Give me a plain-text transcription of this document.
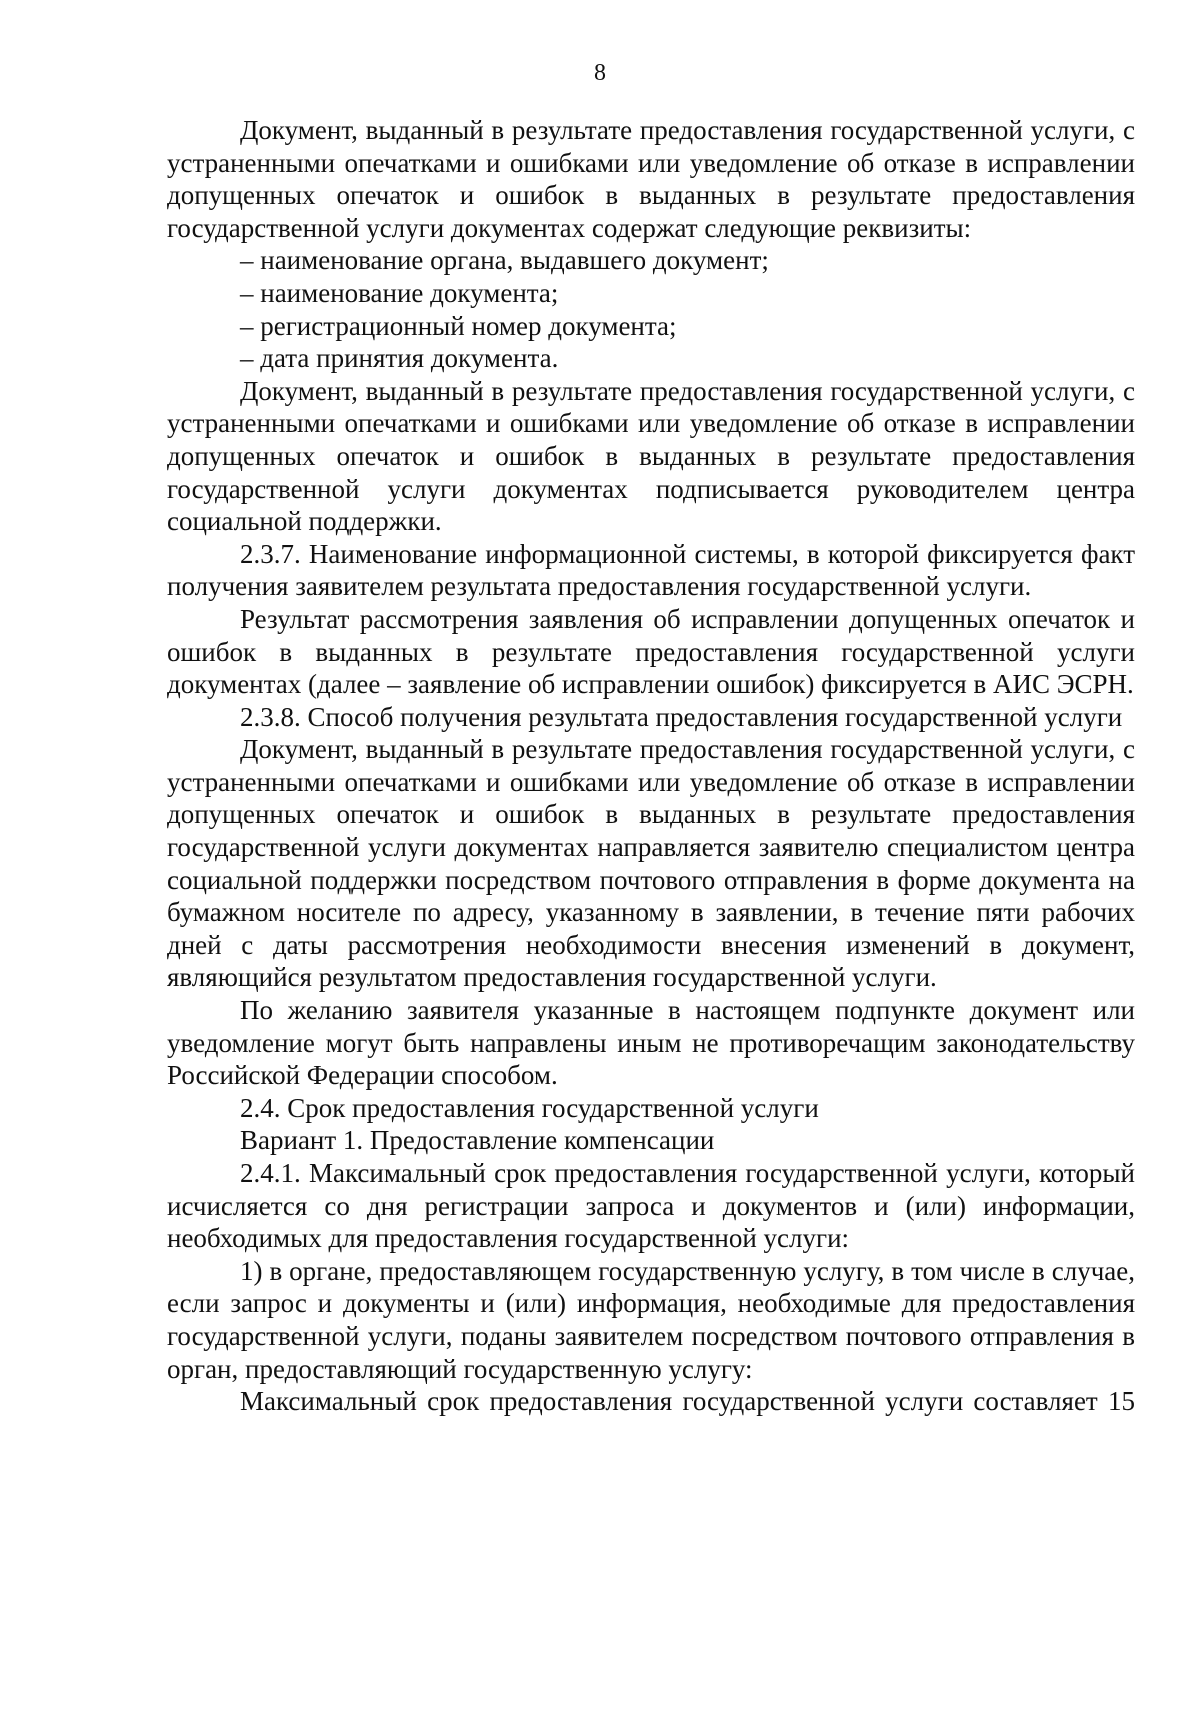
8

Документ, выданный в результате предоставления государственной услуги, с устраненными опечатками и ошибками или уведомление об отказе в исправлении допущенных опечаток и ошибок в выданных в результате предоставления государственной услуги документах содержат следующие реквизиты:

– наименование органа, выдавшего документ;

– наименование документа;

– регистрационный номер документа;

– дата принятия документа.

Документ, выданный в результате предоставления государственной услуги, с устраненными опечатками и ошибками или уведомление об отказе в исправлении допущенных опечаток и ошибок в выданных в результате предоставления государственной услуги документах подписывается руководителем центра социальной поддержки.

2.3.7. Наименование информационной системы, в которой фиксируется факт получения заявителем результата предоставления государственной услуги.

Результат рассмотрения заявления об исправлении допущенных опечаток и ошибок в выданных в результате предоставления государственной услуги документах (далее – заявление об исправлении ошибок) фиксируется в АИС ЭСРН.

2.3.8. Способ получения результата предоставления государственной услуги

Документ, выданный в результате предоставления государственной услуги, с устраненными опечатками и ошибками или уведомление об отказе в исправлении допущенных опечаток и ошибок в выданных в результате предоставления государственной услуги документах направляется заявителю специалистом центра социальной поддержки посредством почтового отправления в форме документа на бумажном носителе по адресу, указанному в заявлении, в течение пяти рабочих дней с даты рассмотрения необходимости внесения изменений в документ, являющийся результатом предоставления государственной услуги.

По желанию заявителя указанные в настоящем подпункте документ или уведомление могут быть направлены иным не противоречащим законодательству Российской Федерации способом.

2.4. Срок предоставления государственной услуги

Вариант 1. Предоставление компенсации

2.4.1. Максимальный срок предоставления государственной услуги, который исчисляется со дня регистрации запроса и документов и (или) информации, необходимых для предоставления государственной услуги:

1) в органе, предоставляющем государственную услугу, в том числе в случае, если запрос и документы и (или) информация, необходимые для предоставления государственной услуги, поданы заявителем посредством почтового отправления в орган, предоставляющий государственную услугу:

Максимальный срок предоставления государственной услуги составляет 15
